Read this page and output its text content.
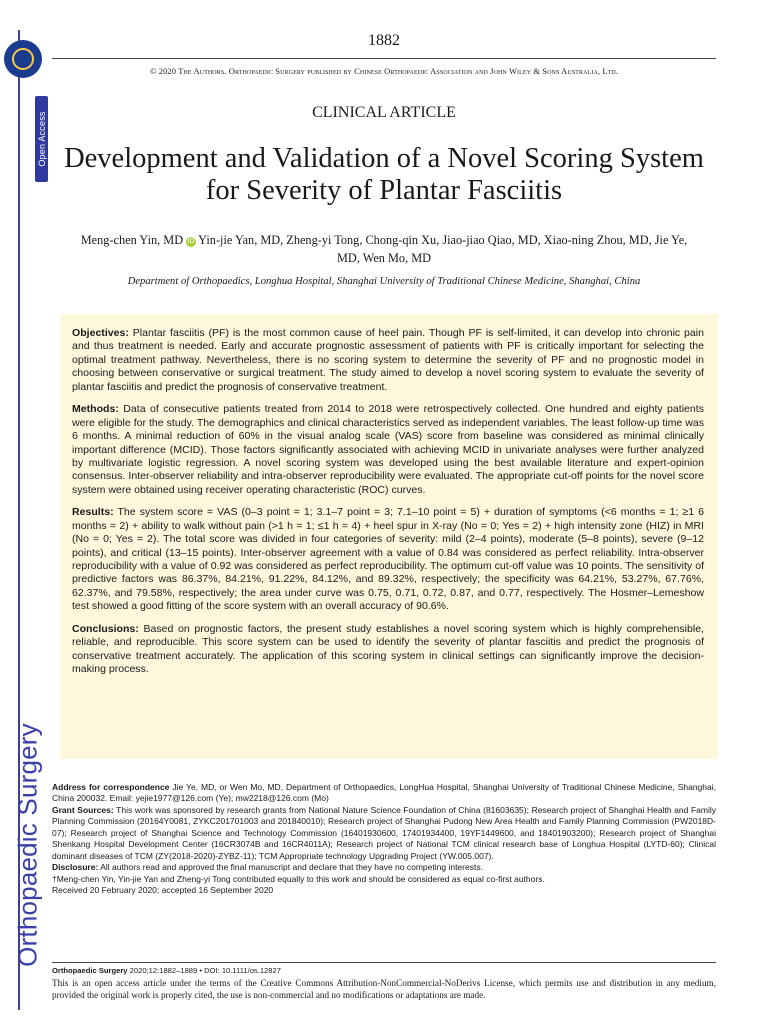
Open Access
Orthopaedic Surgery
1882
© 2020 The Authors. Orthopaedic Surgery published by Chinese Orthopaedic Association and John Wiley & Sons Australia, Ltd.
CLINICAL ARTICLE
Development and Validation of a Novel Scoring System for Severity of Plantar Fasciitis
Meng-chen Yin, MD iD Yin-jie Yan, MD, Zheng-yi Tong, Chong-qin Xu, Jiao-jiao Qiao, MD, Xiao-ning Zhou, MD, Jie Ye, MD, Wen Mo, MD
Department of Orthopaedics, Longhua Hospital, Shanghai University of Traditional Chinese Medicine, Shanghai, China

Objectives: Plantar fasciitis (PF) is the most common cause of heel pain. Though PF is self-limited, it can develop into chronic pain and thus treatment is needed. Early and accurate prognostic assessment of patients with PF is critically important for selecting the optimal treatment pathway. Nevertheless, there is no scoring system to determine the severity of PF and no prognostic model in choosing between conservative or surgical treatment. The study aimed to develop a novel scoring system to evaluate the severity of plantar fasciitis and predict the prognosis of conservative treatment.

Methods: Data of consecutive patients treated from 2014 to 2018 were retrospectively collected. One hundred and eighty patients were eligible for the study. The demographics and clinical characteristics served as independent variables. The least follow-up time was 6 months. A minimal reduction of 60% in the visual analog scale (VAS) score from baseline was considered as minimal clinically important difference (MCID). Those factors significantly associated with achieving MCID in univariate analyses were further analyzed by multivariate logistic regression. A novel scoring system was developed using the best available literature and expert-opinion consensus. Inter-observer reliability and intra-observer reproducibility were evaluated. The appropriate cut-off points for the novel score system were obtained using receiver operating characteristic (ROC) curves.

Results: The system score = VAS (0–3 point = 1; 3.1–7 point = 3; 7.1–10 point = 5) + duration of symptoms (<6 months = 1; ≥1 6 months = 2) + ability to walk without pain (>1 h = 1; ≤1 h = 4) + heel spur in X-ray (No = 0; Yes = 2) + high intensity zone (HIZ) in MRI (No = 0; Yes = 2). The total score was divided in four categories of severity: mild (2–4 points), moderate (5–8 points), severe (9–12 points), and critical (13–15 points). Inter-observer agreement with a value of 0.84 was considered as perfect reliability. Intra-observer reproducibility with a value of 0.92 was considered as perfect reproducibility. The optimum cut-off value was 10 points. The sensitivity of predictive factors was 86.37%, 84.21%, 91.22%, 84.12%, and 89.32%, respectively; the specificity was 64.21%, 53.27%, 67.76%, 62.37%, and 79.58%, respectively; the area under curve was 0.75, 0.71, 0.72, 0.87, and 0.77, respectively. The Hosmer–Lemeshow test showed a good fitting of the score system with an overall accuracy of 90.6%.

Conclusions: Based on prognostic factors, the present study establishes a novel scoring system which is highly comprehensible, reliable, and reproducible. This score system can be used to identify the severity of plantar fasciitis and predict the prognosis of conservative treatment accurately. The application of this scoring system in clinical settings can significantly improve the decision-making process.

Address for correspondence Jie Ye, MD, or Wen Mo, MD, Department of Orthopaedics, LongHua Hospital, Shanghai University of Traditional Chinese Medicine, Shanghai, China 200032. Email: yejie1977@126.com (Ye); mw2218@126.com (Mo)

Grant Sources: This work was sponsored by research grants from National Nature Science Foundation of China (81603635); Research project of Shanghai Health and Family Planning Commission (20164Y0081, ZYKC201701003 and 201840010); Research project of Shanghai Pudong New Area Health and Family Planning Commission (PW2018D-07); Research project of Shanghai Science and Technology Commission (16401930600, 17401934400, 19YF1449600, and 18401903200); Research project of Shanghai Shenkang Hospital Development Center (16CR3074B and 16CR4011A); Research project of National TCM clinical research base of Longhua Hospital (LYTD-60); Clinical dominant diseases of TCM (ZY(2018-2020)-ZYBZ-11); TCM Appropriate technology Upgrading Project (YW.005.007).

Disclosure: All authors read and approved the final manuscript and declare that they have no competing interests.

†Meng-chen Yin, Yin-jie Yan and Zheng-yi Tong contributed equally to this work and should be considered as equal co-first authors.

Received 20 February 2020; accepted 16 September 2020

Orthopaedic Surgery 2020;12:1882–1889 • DOI: 10.1111/os.12827
This is an open access article under the terms of the Creative Commons Attribution-NonCommercial-NoDerivs License, which permits use and distribution in any medium, provided the original work is properly cited, the use is non-commercial and no modifications or adaptations are made.
